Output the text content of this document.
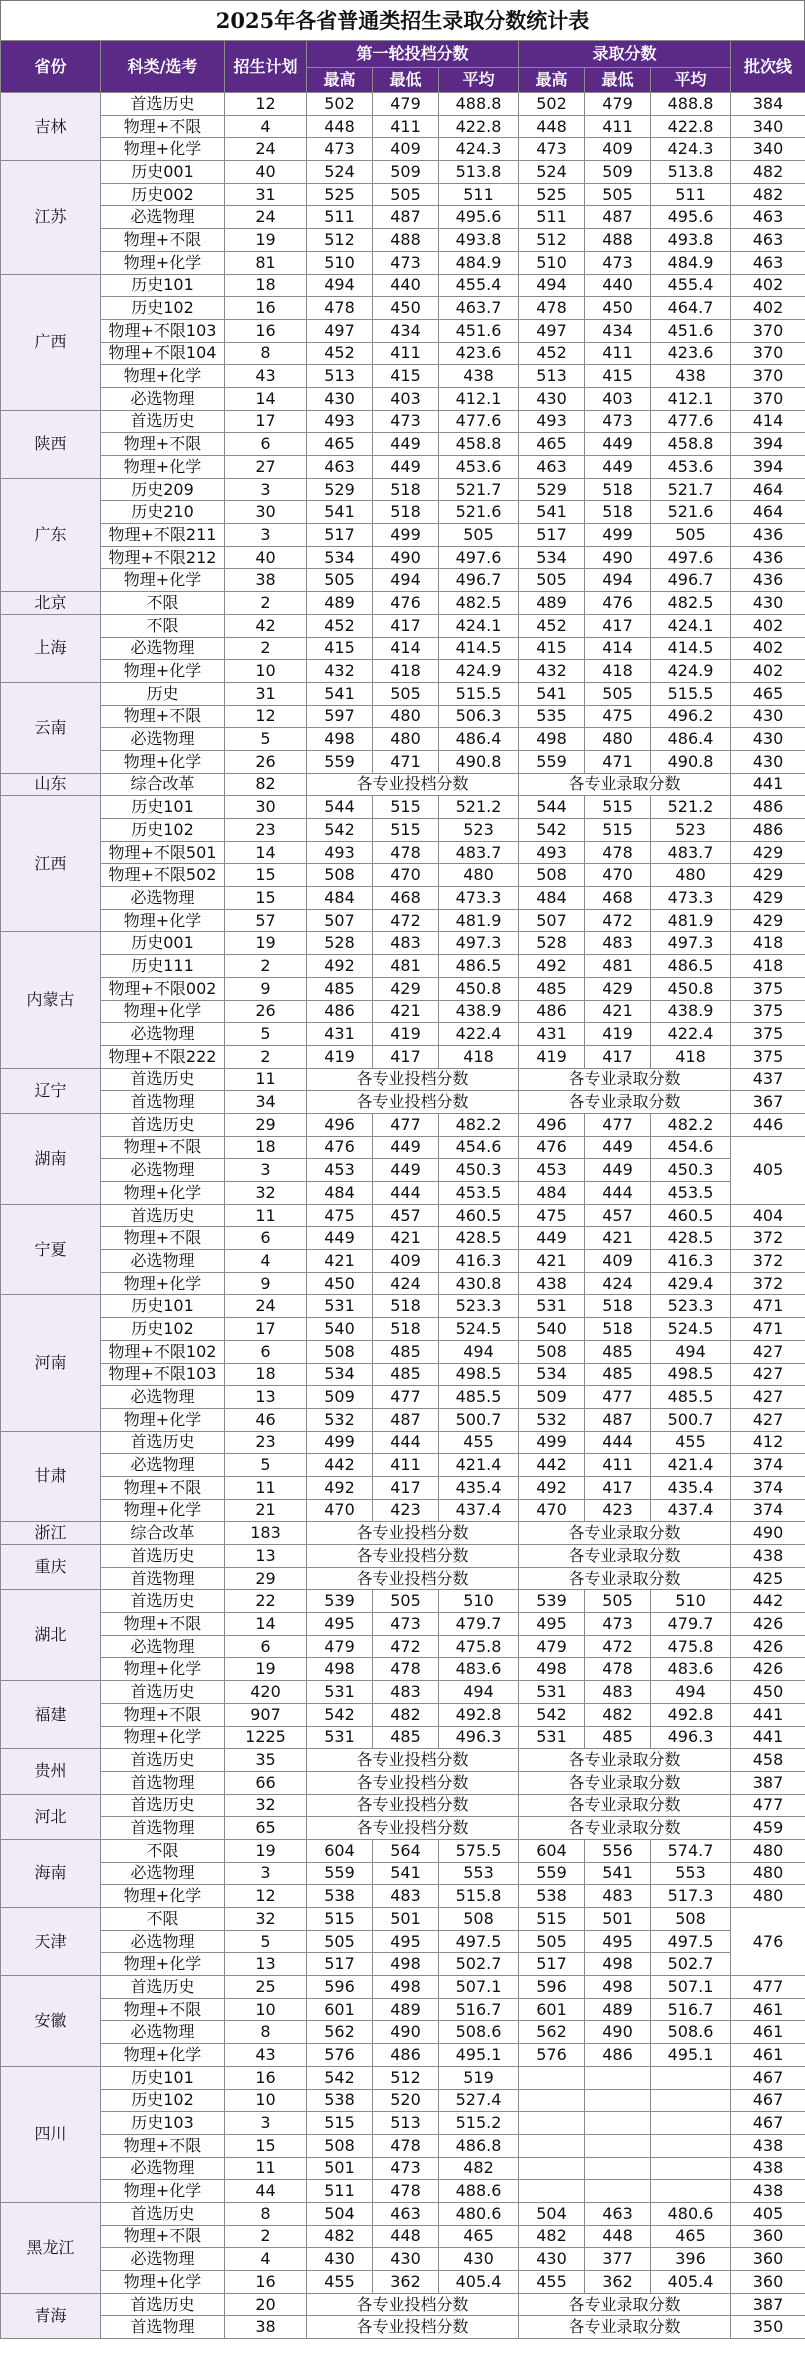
2025年各省普通类招生录取分数统计表
省份	科类/选考	招生计划	第一轮投档分数			录取分数			批次线
			最高	最低	平均	最高	最低	平均	
吉林	首选历史	12	502	479	488.8	502	479	488.8	384
	物理+不限	4	448	411	422.8	448	411	422.8	340
	物理+化学	24	473	409	424.3	473	409	424.3	340
江苏	历史001	40	524	509	513.8	524	509	513.8	482
	历史002	31	525	505	511	525	505	511	482
	必选物理	24	511	487	495.6	511	487	495.6	463
	物理+不限	19	512	488	493.8	512	488	493.8	463
	物理+化学	81	510	473	484.9	510	473	484.9	463
广西	历史101	18	494	440	455.4	494	440	455.4	402
	历史102	16	478	450	463.7	478	450	464.7	402
	物理+不限103	16	497	434	451.6	497	434	451.6	370
	物理+不限104	8	452	411	423.6	452	411	423.6	370
	物理+化学	43	513	415	438	513	415	438	370
	必选物理	14	430	403	412.1	430	403	412.1	370
陕西	首选历史	17	493	473	477.6	493	473	477.6	414
	物理+不限	6	465	449	458.8	465	449	458.8	394
	物理+化学	27	463	449	453.6	463	449	453.6	394
广东	历史209	3	529	518	521.7	529	518	521.7	464
	历史210	30	541	518	521.6	541	518	521.6	464
	物理+不限211	3	517	499	505	517	499	505	436
	物理+不限212	40	534	490	497.6	534	490	497.6	436
	物理+化学	38	505	494	496.7	505	494	496.7	436
北京	不限	2	489	476	482.5	489	476	482.5	430
上海	不限	42	452	417	424.1	452	417	424.1	402
	必选物理	2	415	414	414.5	415	414	414.5	402
	物理+化学	10	432	418	424.9	432	418	424.9	402
云南	历史	31	541	505	515.5	541	505	515.5	465
	物理+不限	12	597	480	506.3	535	475	496.2	430
	必选物理	5	498	480	486.4	498	480	486.4	430
	物理+化学	26	559	471	490.8	559	471	490.8	430
山东	综合改革	82	各专业投档分数			各专业录取分数			441
江西	历史101	30	544	515	521.2	544	515	521.2	486
	历史102	23	542	515	523	542	515	523	486
	物理+不限501	14	493	478	483.7	493	478	483.7	429
	物理+不限502	15	508	470	480	508	470	480	429
	必选物理	15	484	468	473.3	484	468	473.3	429
	物理+化学	57	507	472	481.9	507	472	481.9	429
内蒙古	历史001	19	528	483	497.3	528	483	497.3	418
	历史111	2	492	481	486.5	492	481	486.5	418
	物理+不限002	9	485	429	450.8	485	429	450.8	375
	物理+化学	26	486	421	438.9	486	421	438.9	375
	必选物理	5	431	419	422.4	431	419	422.4	375
	物理+不限222	2	419	417	418	419	417	418	375
辽宁	首选历史	11	各专业投档分数			各专业录取分数			437
	首选物理	34	各专业投档分数			各专业录取分数			367
湖南	首选历史	29	496	477	482.2	496	477	482.2	446
	物理+不限	18	476	449	454.6	476	449	454.6	405
	必选物理	3	453	449	450.3	453	449	450.3	
	物理+化学	32	484	444	453.5	484	444	453.5	
宁夏	首选历史	11	475	457	460.5	475	457	460.5	404
	物理+不限	6	449	421	428.5	449	421	428.5	372
	必选物理	4	421	409	416.3	421	409	416.3	372
	物理+化学	9	450	424	430.8	438	424	429.4	372
河南	历史101	24	531	518	523.3	531	518	523.3	471
	历史102	17	540	518	524.5	540	518	524.5	471
	物理+不限102	6	508	485	494	508	485	494	427
	物理+不限103	18	534	485	498.5	534	485	498.5	427
	必选物理	13	509	477	485.5	509	477	485.5	427
	物理+化学	46	532	487	500.7	532	487	500.7	427
甘肃	首选历史	23	499	444	455	499	444	455	412
	必选物理	5	442	411	421.4	442	411	421.4	374
	物理+不限	11	492	417	435.4	492	417	435.4	374
	物理+化学	21	470	423	437.4	470	423	437.4	374
浙江	综合改革	183	各专业投档分数			各专业录取分数			490
重庆	首选历史	13	各专业投档分数			各专业录取分数			438
	首选物理	29	各专业投档分数			各专业录取分数			425
湖北	首选历史	22	539	505	510	539	505	510	442
	物理+不限	14	495	473	479.7	495	473	479.7	426
	必选物理	6	479	472	475.8	479	472	475.8	426
	物理+化学	19	498	478	483.6	498	478	483.6	426
福建	首选历史	420	531	483	494	531	483	494	450
	物理+不限	907	542	482	492.8	542	482	492.8	441
	物理+化学	1225	531	485	496.3	531	485	496.3	441
贵州	首选历史	35	各专业投档分数			各专业录取分数			458
	首选物理	66	各专业投档分数			各专业录取分数			387
河北	首选历史	32	各专业投档分数			各专业录取分数			477
	首选物理	65	各专业投档分数			各专业录取分数			459
海南	不限	19	604	564	575.5	604	556	574.7	480
	必选物理	3	559	541	553	559	541	553	480
	物理+化学	12	538	483	515.8	538	483	517.3	480
天津	不限	32	515	501	508	515	501	508	476
	必选物理	5	505	495	497.5	505	495	497.5	
	物理+化学	13	517	498	502.7	517	498	502.7	
安徽	首选历史	25	596	498	507.1	596	498	507.1	477
	物理+不限	10	601	489	516.7	601	489	516.7	461
	必选物理	8	562	490	508.6	562	490	508.6	461
	物理+化学	43	576	486	495.1	576	486	495.1	461
四川	历史101	16	542	512	519				467
	历史102	10	538	520	527.4				467
	历史103	3	515	513	515.2				467
	物理+不限	15	508	478	486.8				438
	必选物理	11	501	473	482				438
	物理+化学	44	511	478	488.6				438
黑龙江	首选历史	8	504	463	480.6	504	463	480.6	405
	物理+不限	2	482	448	465	482	448	465	360
	必选物理	4	430	430	430	430	377	396	360
	物理+化学	16	455	362	405.4	455	362	405.4	360
青海	首选历史	20	各专业投档分数			各专业录取分数			387
	首选物理	38	各专业投档分数			各专业录取分数			350
